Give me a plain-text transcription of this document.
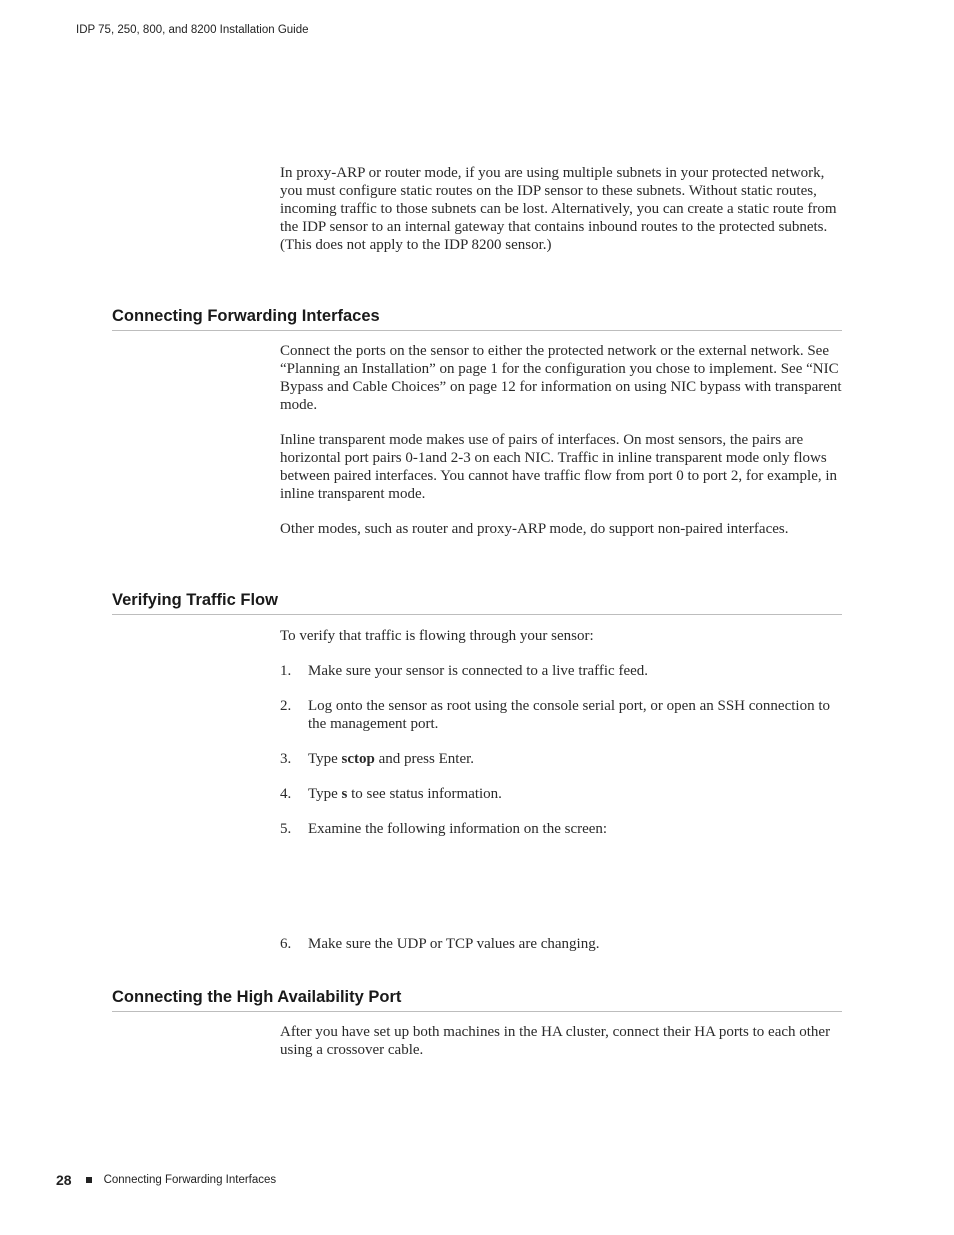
IDP 75, 250, 800, and 8200 Installation Guide

In proxy-ARP or router mode, if you are using multiple subnets in your protected network, you must configure static routes on the IDP sensor to these subnets. Without static routes, incoming traffic to those subnets can be lost. Alternatively, you can create a static route from the IDP sensor to an internal gateway that contains inbound routes to the protected subnets. (This does not apply to the IDP 8200 sensor.)

Connecting Forwarding Interfaces

Connect the ports on the sensor to either the protected network or the external network. See “Planning an Installation” on page 1 for the configuration you chose to implement. See “NIC Bypass and Cable Choices” on page 12 for information on using NIC bypass with transparent mode.

Inline transparent mode makes use of pairs of interfaces. On most sensors, the pairs are horizontal port pairs 0-1and 2-3 on each NIC. Traffic in inline transparent mode only flows between paired interfaces. You cannot have traffic flow from port 0 to port 2, for example, in inline transparent mode.

Other modes, such as router and proxy-ARP mode, do support non-paired interfaces.

Verifying Traffic Flow

To verify that traffic is flowing through your sensor:

1.	Make sure your sensor is connected to a live traffic feed.
2.	Log onto the sensor as root using the console serial port, or open an SSH connection to the management port.
3.	Type sctop and press Enter.
4.	Type s to see status information.
5.	Examine the following information on the screen:
6.	Make sure the UDP or TCP values are changing.
Connecting the High Availability Port

After you have set up both machines in the HA cluster, connect their HA ports to each other using a crossover cable.

28	Connecting Forwarding Interfaces
